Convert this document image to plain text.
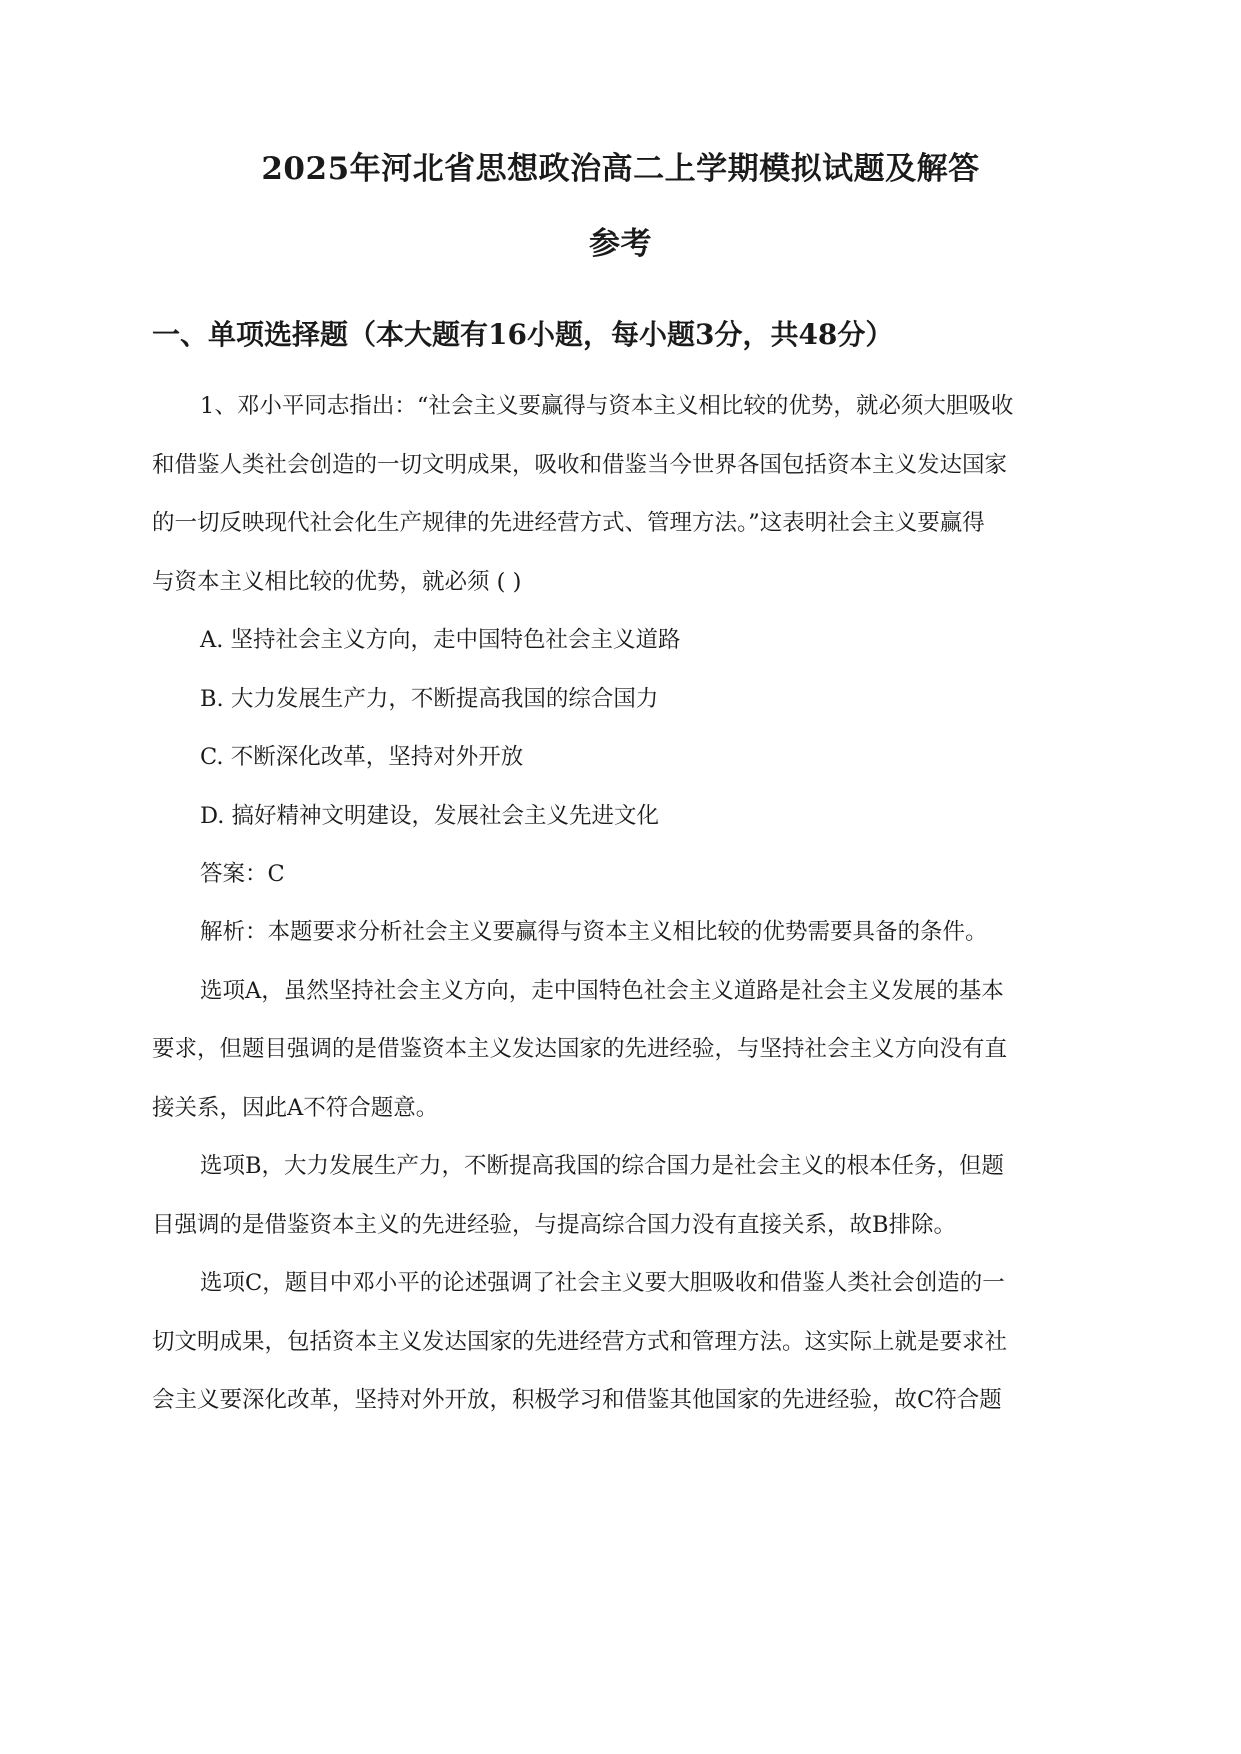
2025年河北省思想政治高二上学期模拟试题及解答
参考
一、单项选择题（本大题有16小题，每小题3分，共48分）
1、邓小平同志指出：“社会主义要赢得与资本主义相比较的优势，就必须大胆吸收
和借鉴人类社会创造的一切文明成果，吸收和借鉴当今世界各国包括资本主义发达国家
的一切反映现代社会化生产规律的先进经营方式、管理方法。”这表明社会主义要赢得
与资本主义相比较的优势，就必须 ( )
A. 坚持社会主义方向，走中国特色社会主义道路
B. 大力发展生产力，不断提高我国的综合国力
C. 不断深化改革，坚持对外开放
D. 搞好精神文明建设，发展社会主义先进文化
答案：C
解析：本题要求分析社会主义要赢得与资本主义相比较的优势需要具备的条件。
选项A，虽然坚持社会主义方向，走中国特色社会主义道路是社会主义发展的基本
要求，但题目强调的是借鉴资本主义发达国家的先进经验，与坚持社会主义方向没有直
接关系，因此A不符合题意。
选项B，大力发展生产力，不断提高我国的综合国力是社会主义的根本任务，但题
目强调的是借鉴资本主义的先进经验，与提高综合国力没有直接关系，故B排除。
选项C，题目中邓小平的论述强调了社会主义要大胆吸收和借鉴人类社会创造的一
切文明成果，包括资本主义发达国家的先进经营方式和管理方法。这实际上就是要求社
会主义要深化改革，坚持对外开放，积极学习和借鉴其他国家的先进经验，故C符合题
